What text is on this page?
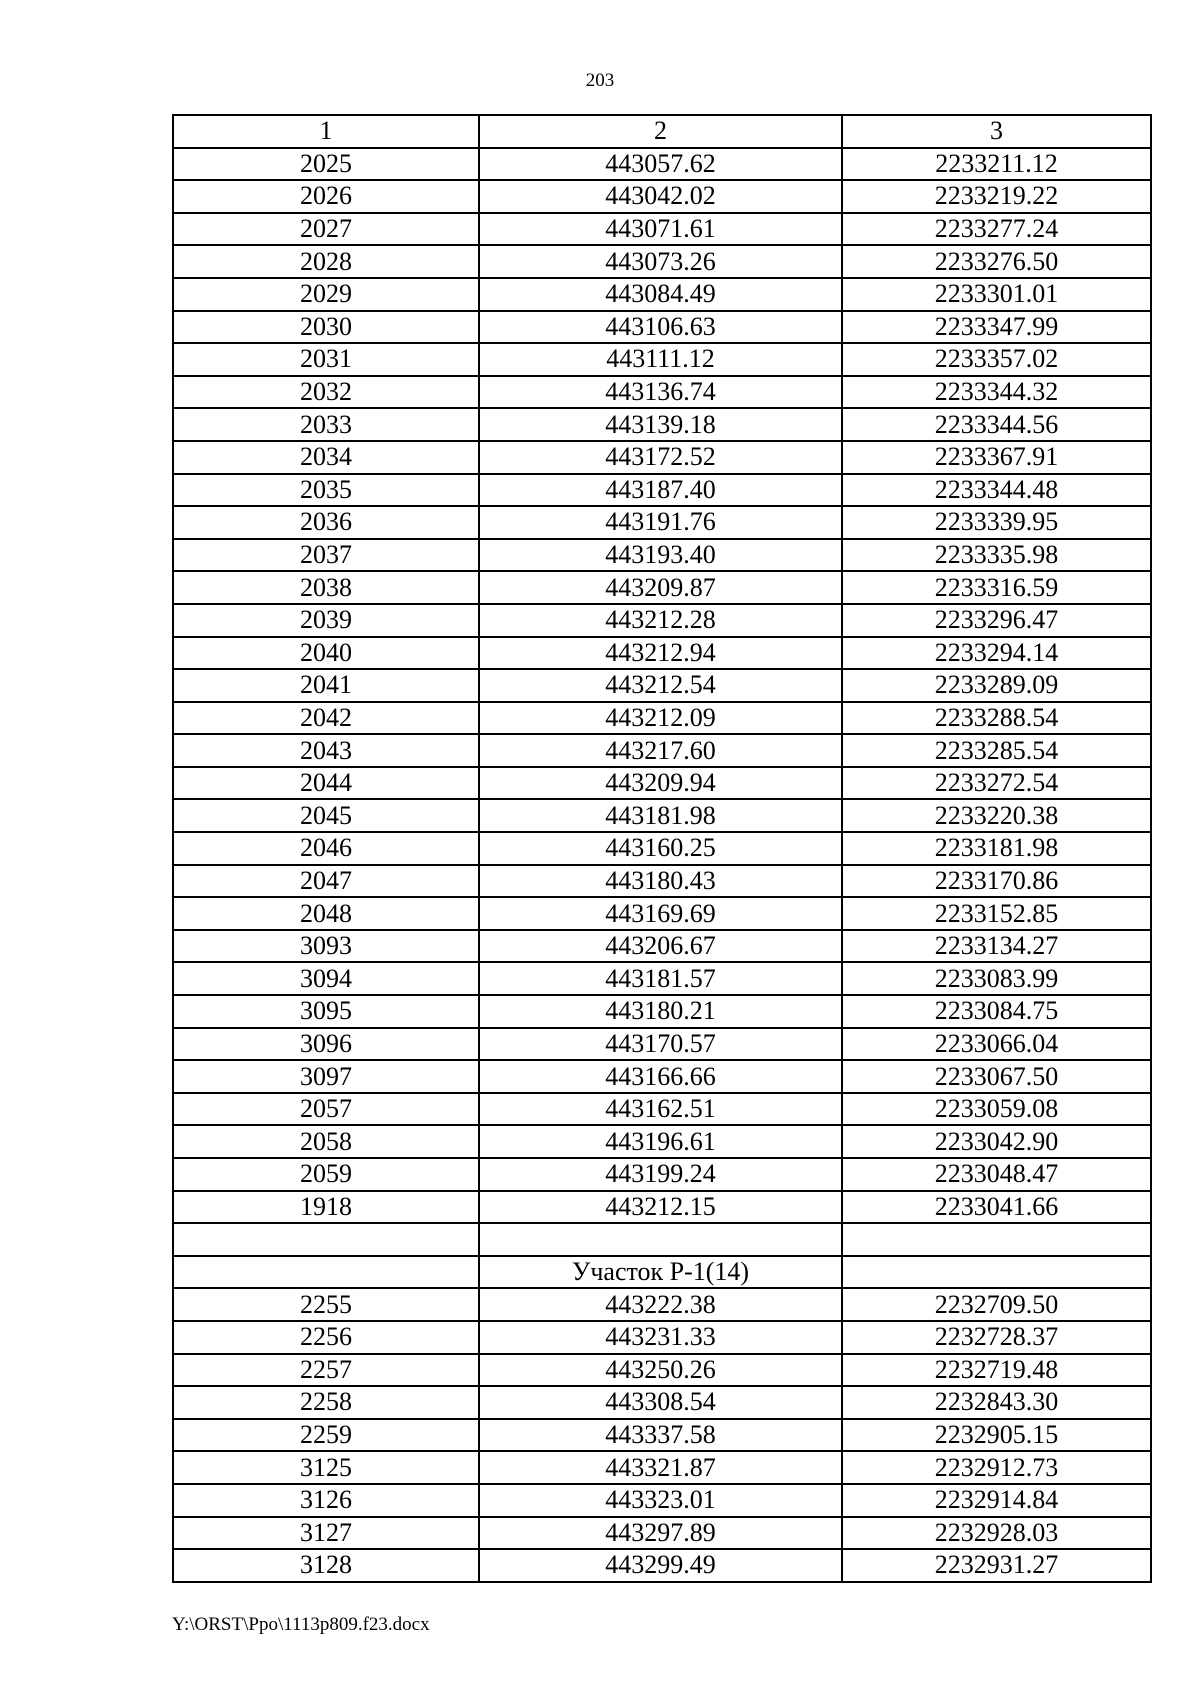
203
1	2	3
2025	443057.62	2233211.12
2026	443042.02	2233219.22
2027	443071.61	2233277.24
2028	443073.26	2233276.50
2029	443084.49	2233301.01
2030	443106.63	2233347.99
2031	443111.12	2233357.02
2032	443136.74	2233344.32
2033	443139.18	2233344.56
2034	443172.52	2233367.91
2035	443187.40	2233344.48
2036	443191.76	2233339.95
2037	443193.40	2233335.98
2038	443209.87	2233316.59
2039	443212.28	2233296.47
2040	443212.94	2233294.14
2041	443212.54	2233289.09
2042	443212.09	2233288.54
2043	443217.60	2233285.54
2044	443209.94	2233272.54
2045	443181.98	2233220.38
2046	443160.25	2233181.98
2047	443180.43	2233170.86
2048	443169.69	2233152.85
3093	443206.67	2233134.27
3094	443181.57	2233083.99
3095	443180.21	2233084.75
3096	443170.57	2233066.04
3097	443166.66	2233067.50
2057	443162.51	2233059.08
2058	443196.61	2233042.90
2059	443199.24	2233048.47
1918	443212.15	2233041.66

	Участок Р-1(14)	
2255	443222.38	2232709.50
2256	443231.33	2232728.37
2257	443250.26	2232719.48
2258	443308.54	2232843.30
2259	443337.58	2232905.15
3125	443321.87	2232912.73
3126	443323.01	2232914.84
3127	443297.89	2232928.03
3128	443299.49	2232931.27
Y:\ORST\Ppo\1113p809.f23.docx
